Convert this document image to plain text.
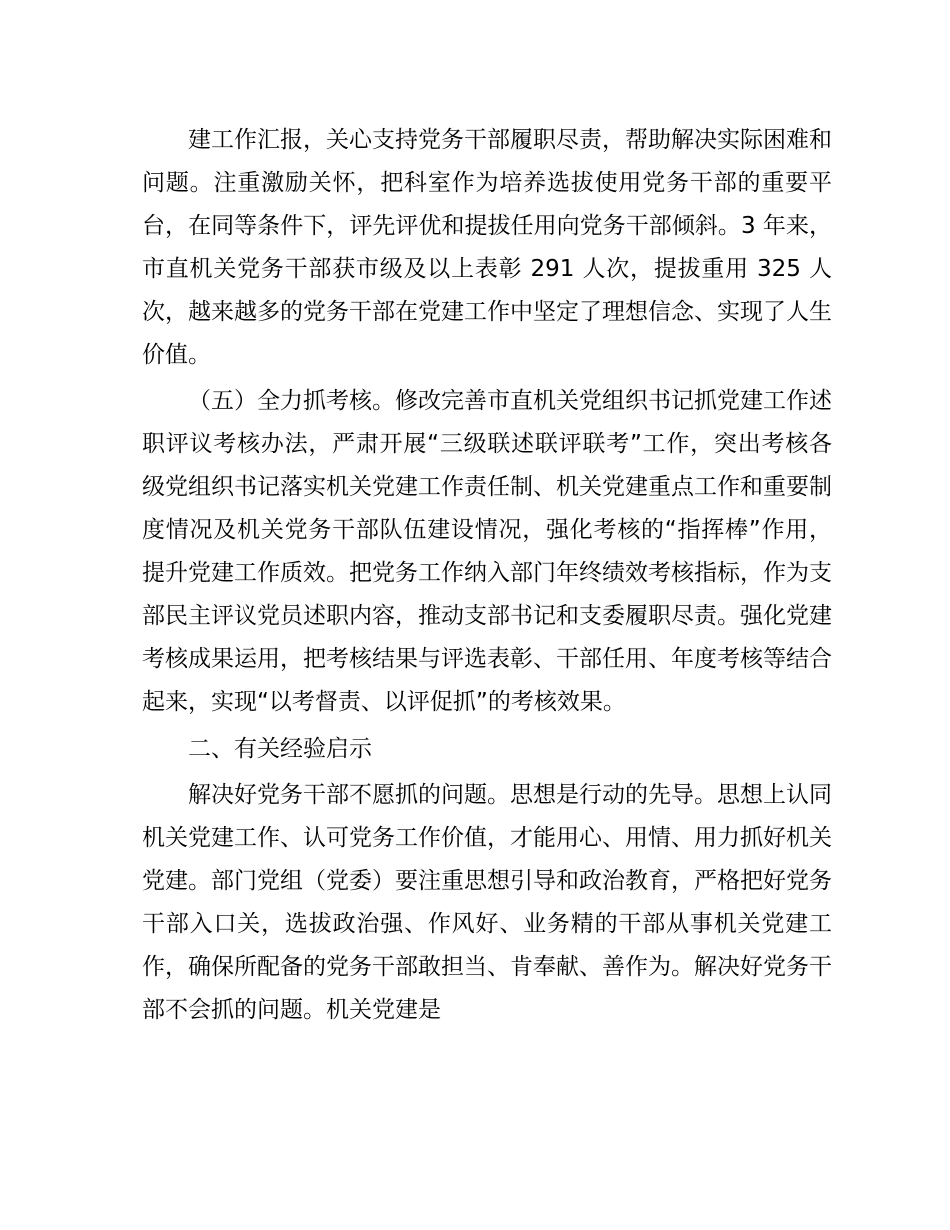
建工作汇报，关心支持党务干部履职尽责，帮助解决实际困难和问题。注重激励关怀，把科室作为培养选拔使用党务干部的重要平台，在同等条件下，评先评优和提拔任用向党务干部倾斜。3 年来，市直机关党务干部获市级及以上表彰 291 人次，提拔重用 325 人次，越来越多的党务干部在党建工作中坚定了理想信念、实现了人生价值。

（五）全力抓考核。修改完善市直机关党组织书记抓党建工作述职评议考核办法，严肃开展“三级联述联评联考”工作，突出考核各级党组织书记落实机关党建工作责任制、机关党建重点工作和重要制度情况及机关党务干部队伍建设情况，强化考核的“指挥棒”作用，提升党建工作质效。把党务工作纳入部门年终绩效考核指标，作为支部民主评议党员述职内容，推动支部书记和支委履职尽责。强化党建考核成果运用，把考核结果与评选表彰、干部任用、年度考核等结合起来，实现“以考督责、以评促抓”的考核效果。

二、有关经验启示

解决好党务干部不愿抓的问题。思想是行动的先导。思想上认同机关党建工作、认可党务工作价值，才能用心、用情、用力抓好机关党建。部门党组（党委）要注重思想引导和政治教育，严格把好党务干部入口关，选拔政治强、作风好、业务精的干部从事机关党建工作，确保所配备的党务干部敢担当、肯奉献、善作为。解决好党务干部不会抓的问题。机关党建是
